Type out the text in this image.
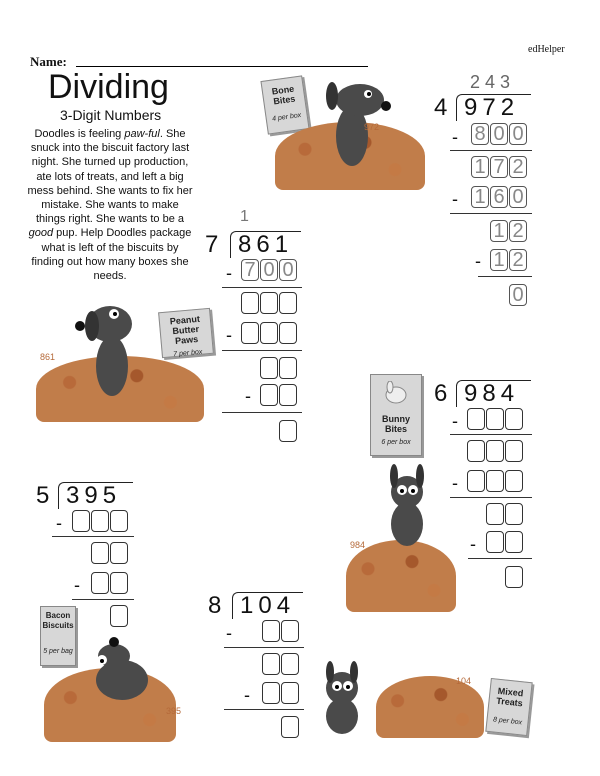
edHelper
Name:
Dividing
3-Digit Numbers
Doodles is feeling paw-ful. She snuck into the biscuit factory last night. She turned up production, ate lots of treats, and left a big mess behind. She wants to fix her mistake. She wants to make things right. She wants to be a good pup. Help Doodles package what is left of the biscuits by finding out how many boxes she needs.
243
4 972
- 8 0 0
1 7 2
- 1 6 0
1 2
- 1 2
0
Bone Bites
4 per box
972
1
7 861
- 7 0 0
-
-
Peanut Butter Paws
7 per box
861
6 984
-
-
-
Bunny Bites
6 per box
984
5 395
-
-
Bacon Biscuits
5 per bag
395
8 104
-
-
104
Mixed Treats
8 per box
